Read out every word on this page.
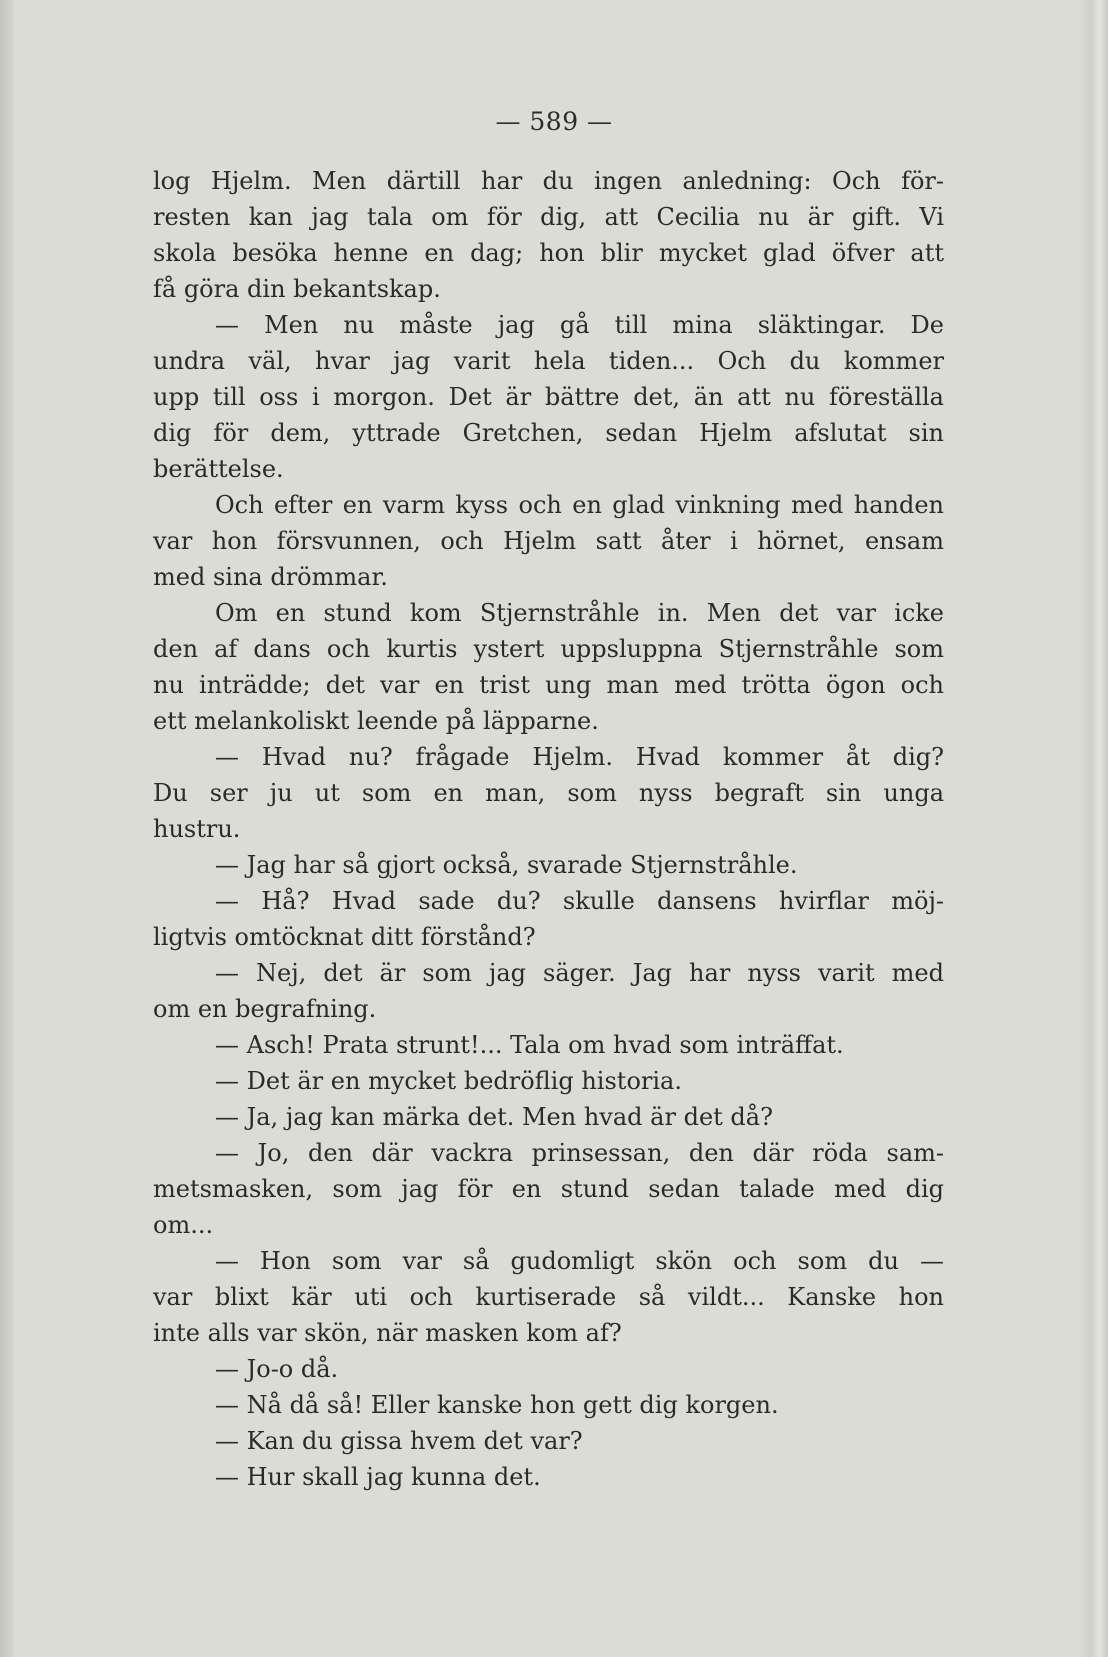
— 589 —
log Hjelm. Men därtill har du ingen anledning: Och för-
resten kan jag tala om för dig, att Cecilia nu är gift. Vi
skola besöka henne en dag; hon blir mycket glad öfver att
få göra din bekantskap.
— Men nu måste jag gå till mina släktingar. De
undra väl, hvar jag varit hela tiden... Och du kommer
upp till oss i morgon. Det är bättre det, än att nu föreställa
dig för dem, yttrade Gretchen, sedan Hjelm afslutat sin
berättelse.
Och efter en varm kyss och en glad vinkning med handen
var hon försvunnen, och Hjelm satt åter i hörnet, ensam
med sina drömmar.
Om en stund kom Stjernstråhle in. Men det var icke
den af dans och kurtis ystert uppsluppna Stjernstråhle som
nu inträdde; det var en trist ung man med trötta ögon och
ett melankoliskt leende på läpparne.
— Hvad nu? frågade Hjelm. Hvad kommer åt dig?
Du ser ju ut som en man, som nyss begraft sin unga
hustru.
— Jag har så gjort också, svarade Stjernstråhle.
— Hå? Hvad sade du? skulle dansens hvirflar möj-
ligtvis omtöcknat ditt förstånd?
— Nej, det är som jag säger. Jag har nyss varit med
om en begrafning.
— Asch! Prata strunt!... Tala om hvad som inträffat.
— Det är en mycket bedröflig historia.
— Ja, jag kan märka det. Men hvad är det då?
— Jo, den där vackra prinsessan, den där röda sam-
metsmasken, som jag för en stund sedan talade med dig
om...
— Hon som var så gudomligt skön och som du —
var blixt kär uti och kurtiserade så vildt... Kanske hon
inte alls var skön, när masken kom af?
— Jo-o då.
— Nå då så! Eller kanske hon gett dig korgen.
— Kan du gissa hvem det var?
— Hur skall jag kunna det.
